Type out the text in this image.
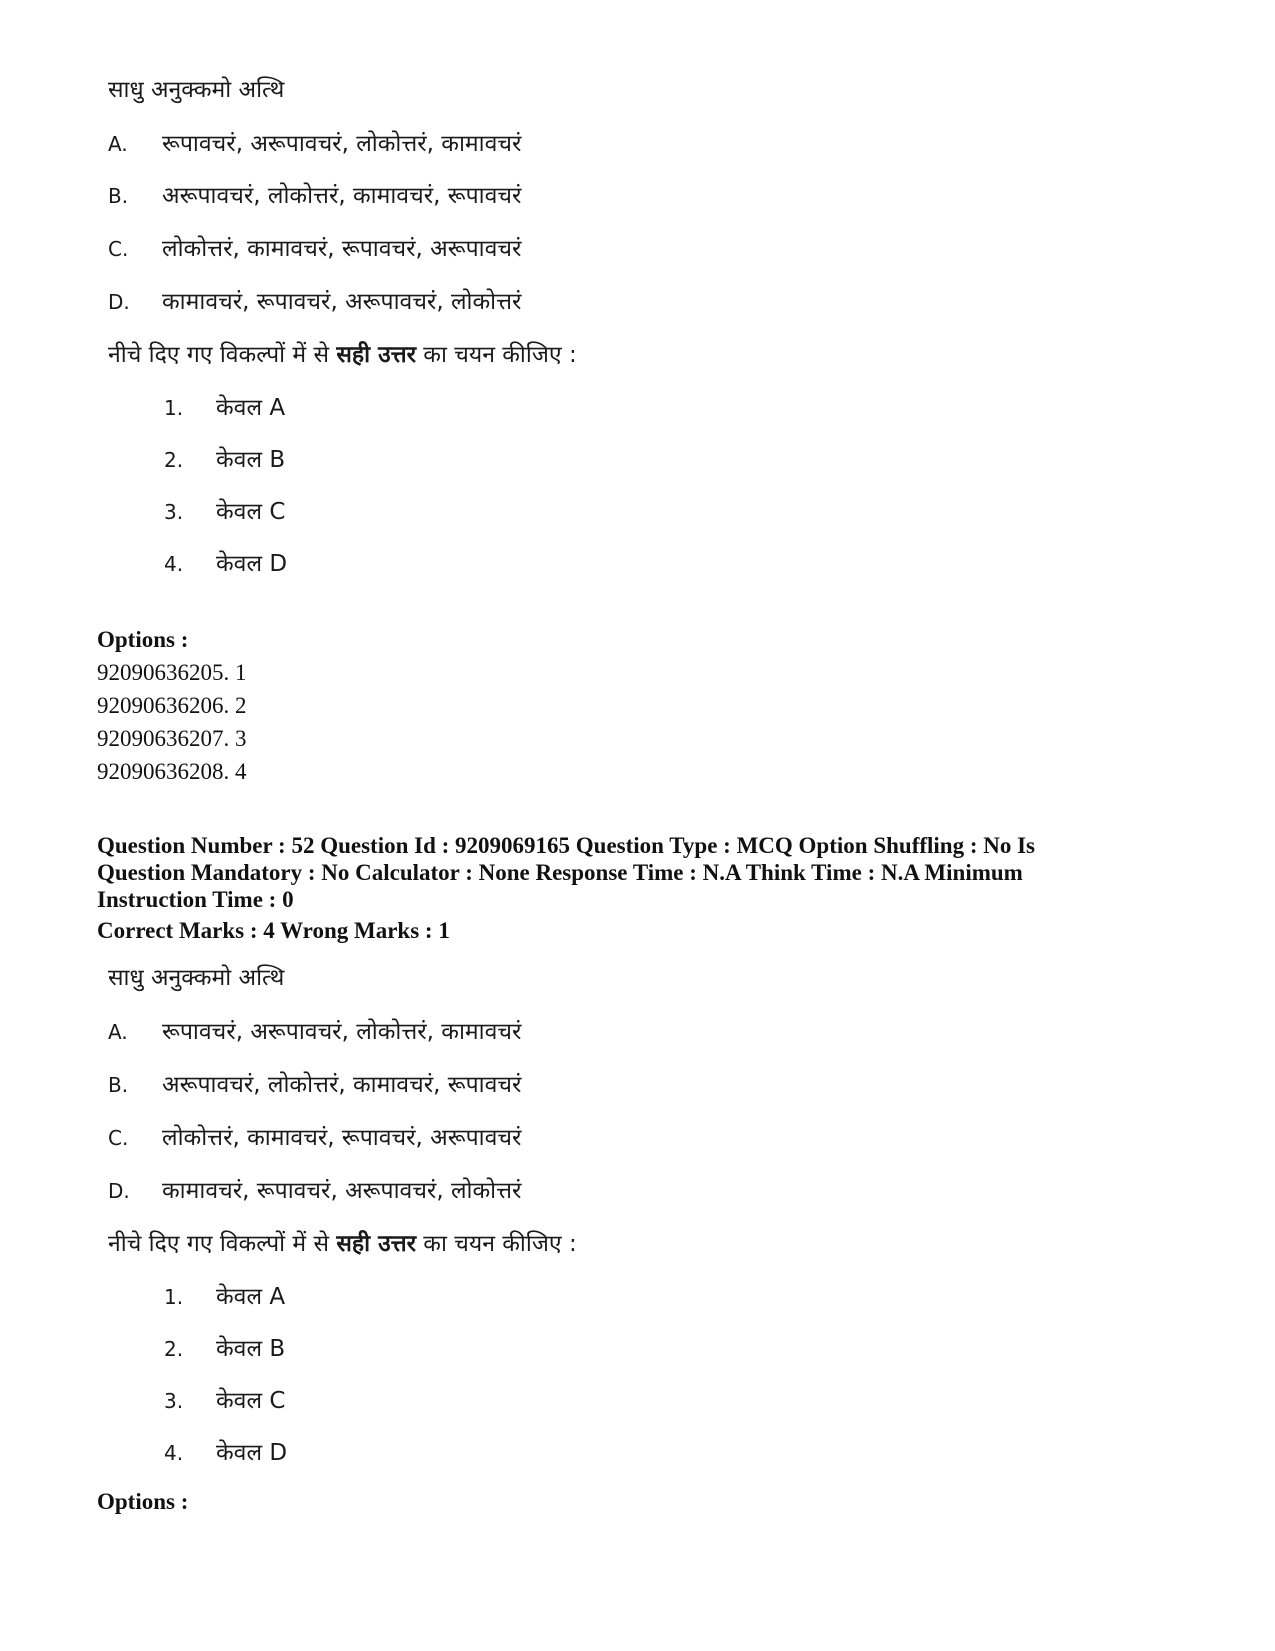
साधु अनुक्कमो अत्थि
A. रूपावचरं, अरूपावचरं, लोकोत्तरं, कामावचरं
B. अरूपावचरं, लोकोत्तरं, कामावचरं, रूपावचरं
C. लोकोत्तरं, कामावचरं, रूपावचरं, अरूपावचरं
D. कामावचरं, रूपावचरं, अरूपावचरं, लोकोत्तरं
नीचे दिए गए विकल्पों में से सही उत्तर का चयन कीजिए :
1. केवल A
2. केवल B
3. केवल C
4. केवल D
Options :
92090636205. 1
92090636206. 2
92090636207. 3
92090636208. 4
Question Number : 52 Question Id : 9209069165 Question Type : MCQ Option Shuffling : No Is
Question Mandatory : No Calculator : None Response Time : N.A Think Time : N.A Minimum
Instruction Time : 0
Correct Marks : 4 Wrong Marks : 1
साधु अनुक्कमो अत्थि
A. रूपावचरं, अरूपावचरं, लोकोत्तरं, कामावचरं
B. अरूपावचरं, लोकोत्तरं, कामावचरं, रूपावचरं
C. लोकोत्तरं, कामावचरं, रूपावचरं, अरूपावचरं
D. कामावचरं, रूपावचरं, अरूपावचरं, लोकोत्तरं
नीचे दिए गए विकल्पों में से सही उत्तर का चयन कीजिए :
1. केवल A
2. केवल B
3. केवल C
4. केवल D
Options :
